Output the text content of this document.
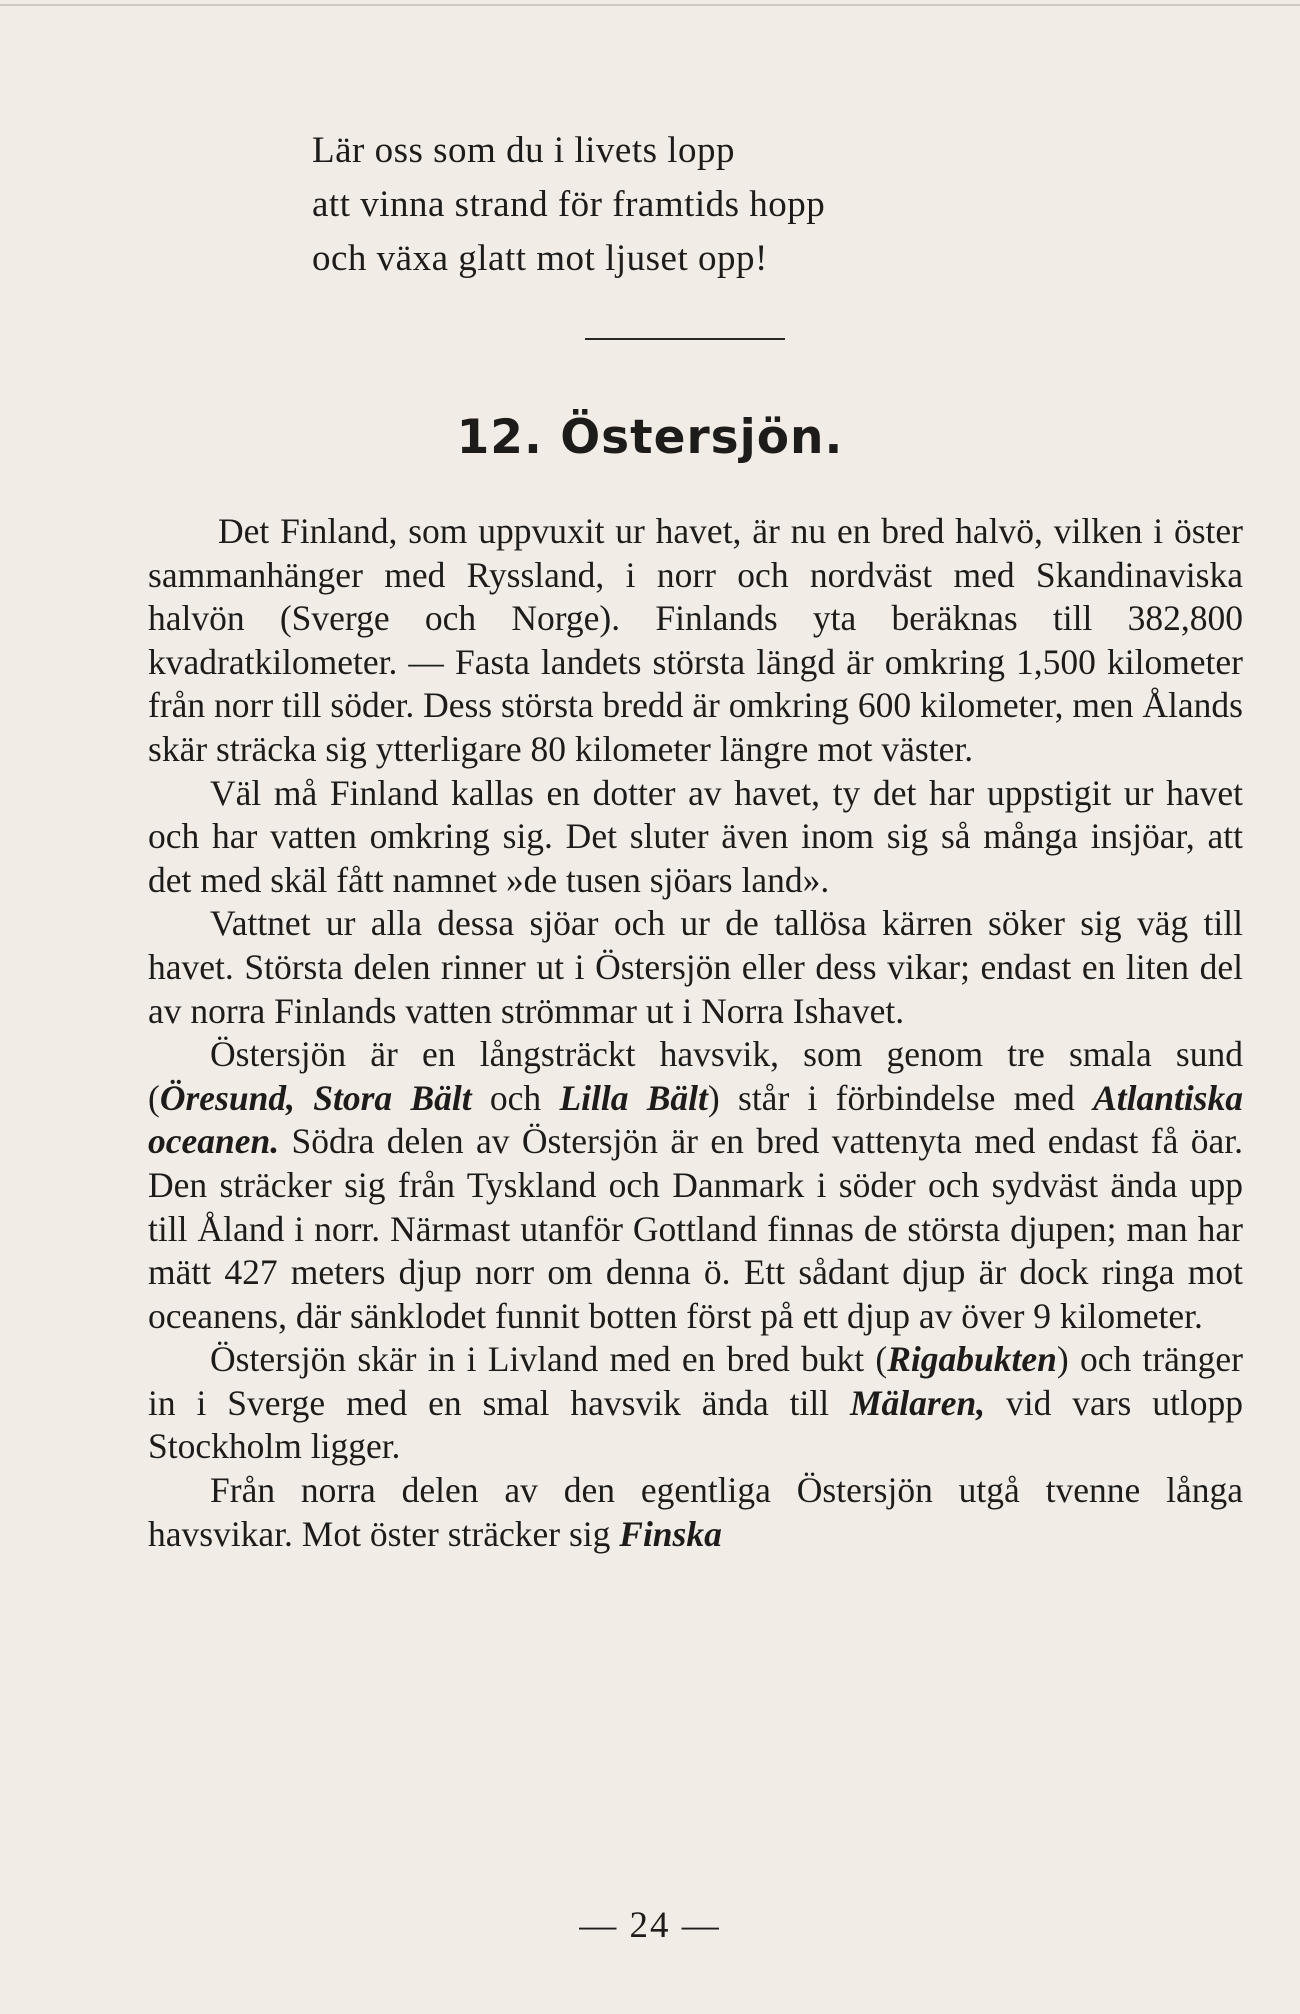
Lär oss som du i livets lopp
att vinna strand för framtids hopp
och växa glatt mot ljuset opp!
12. Östersjön.

Det Finland, som uppvuxit ur havet, är nu en bred halvö, vilken i öster sammanhänger med Ryssland, i norr och nordväst med Skandinaviska halvön (Sverge och Norge). Finlands yta beräknas till 382,800 kvadratkilometer. — Fasta landets största längd är omkring 1,500 kilometer från norr till söder. Dess största bredd är omkring 600 kilometer, men Ålands skär sträcka sig ytterligare 80 kilometer längre mot väster.

Väl må Finland kallas en dotter av havet, ty det har uppstigit ur havet och har vatten omkring sig. Det sluter även inom sig så många insjöar, att det med skäl fått namnet »de tusen sjöars land».

Vattnet ur alla dessa sjöar och ur de tallösa kärren söker sig väg till havet. Största delen rinner ut i Östersjön eller dess vikar; endast en liten del av norra Finlands vatten strömmar ut i Norra Ishavet.

Östersjön är en långsträckt havsvik, som genom tre smala sund (Öresund, Stora Bält och Lilla Bält) står i förbindelse med Atlantiska oceanen. Södra delen av Östersjön är en bred vattenyta med endast få öar. Den sträcker sig från Tyskland och Danmark i söder och sydväst ända upp till Åland i norr. Närmast utanför Gottland finnas de största djupen; man har mätt 427 meters djup norr om denna ö. Ett sådant djup är dock ringa mot oceanens, där sänklodet funnit botten först på ett djup av över 9 kilometer.

Östersjön skär in i Livland med en bred bukt (Rigabukten) och tränger in i Sverge med en smal havsvik ända till Mälaren, vid vars utlopp Stockholm ligger.

Från norra delen av den egentliga Östersjön utgå tvenne långa havsvikar. Mot öster sträcker sig Finska

— 24 —
